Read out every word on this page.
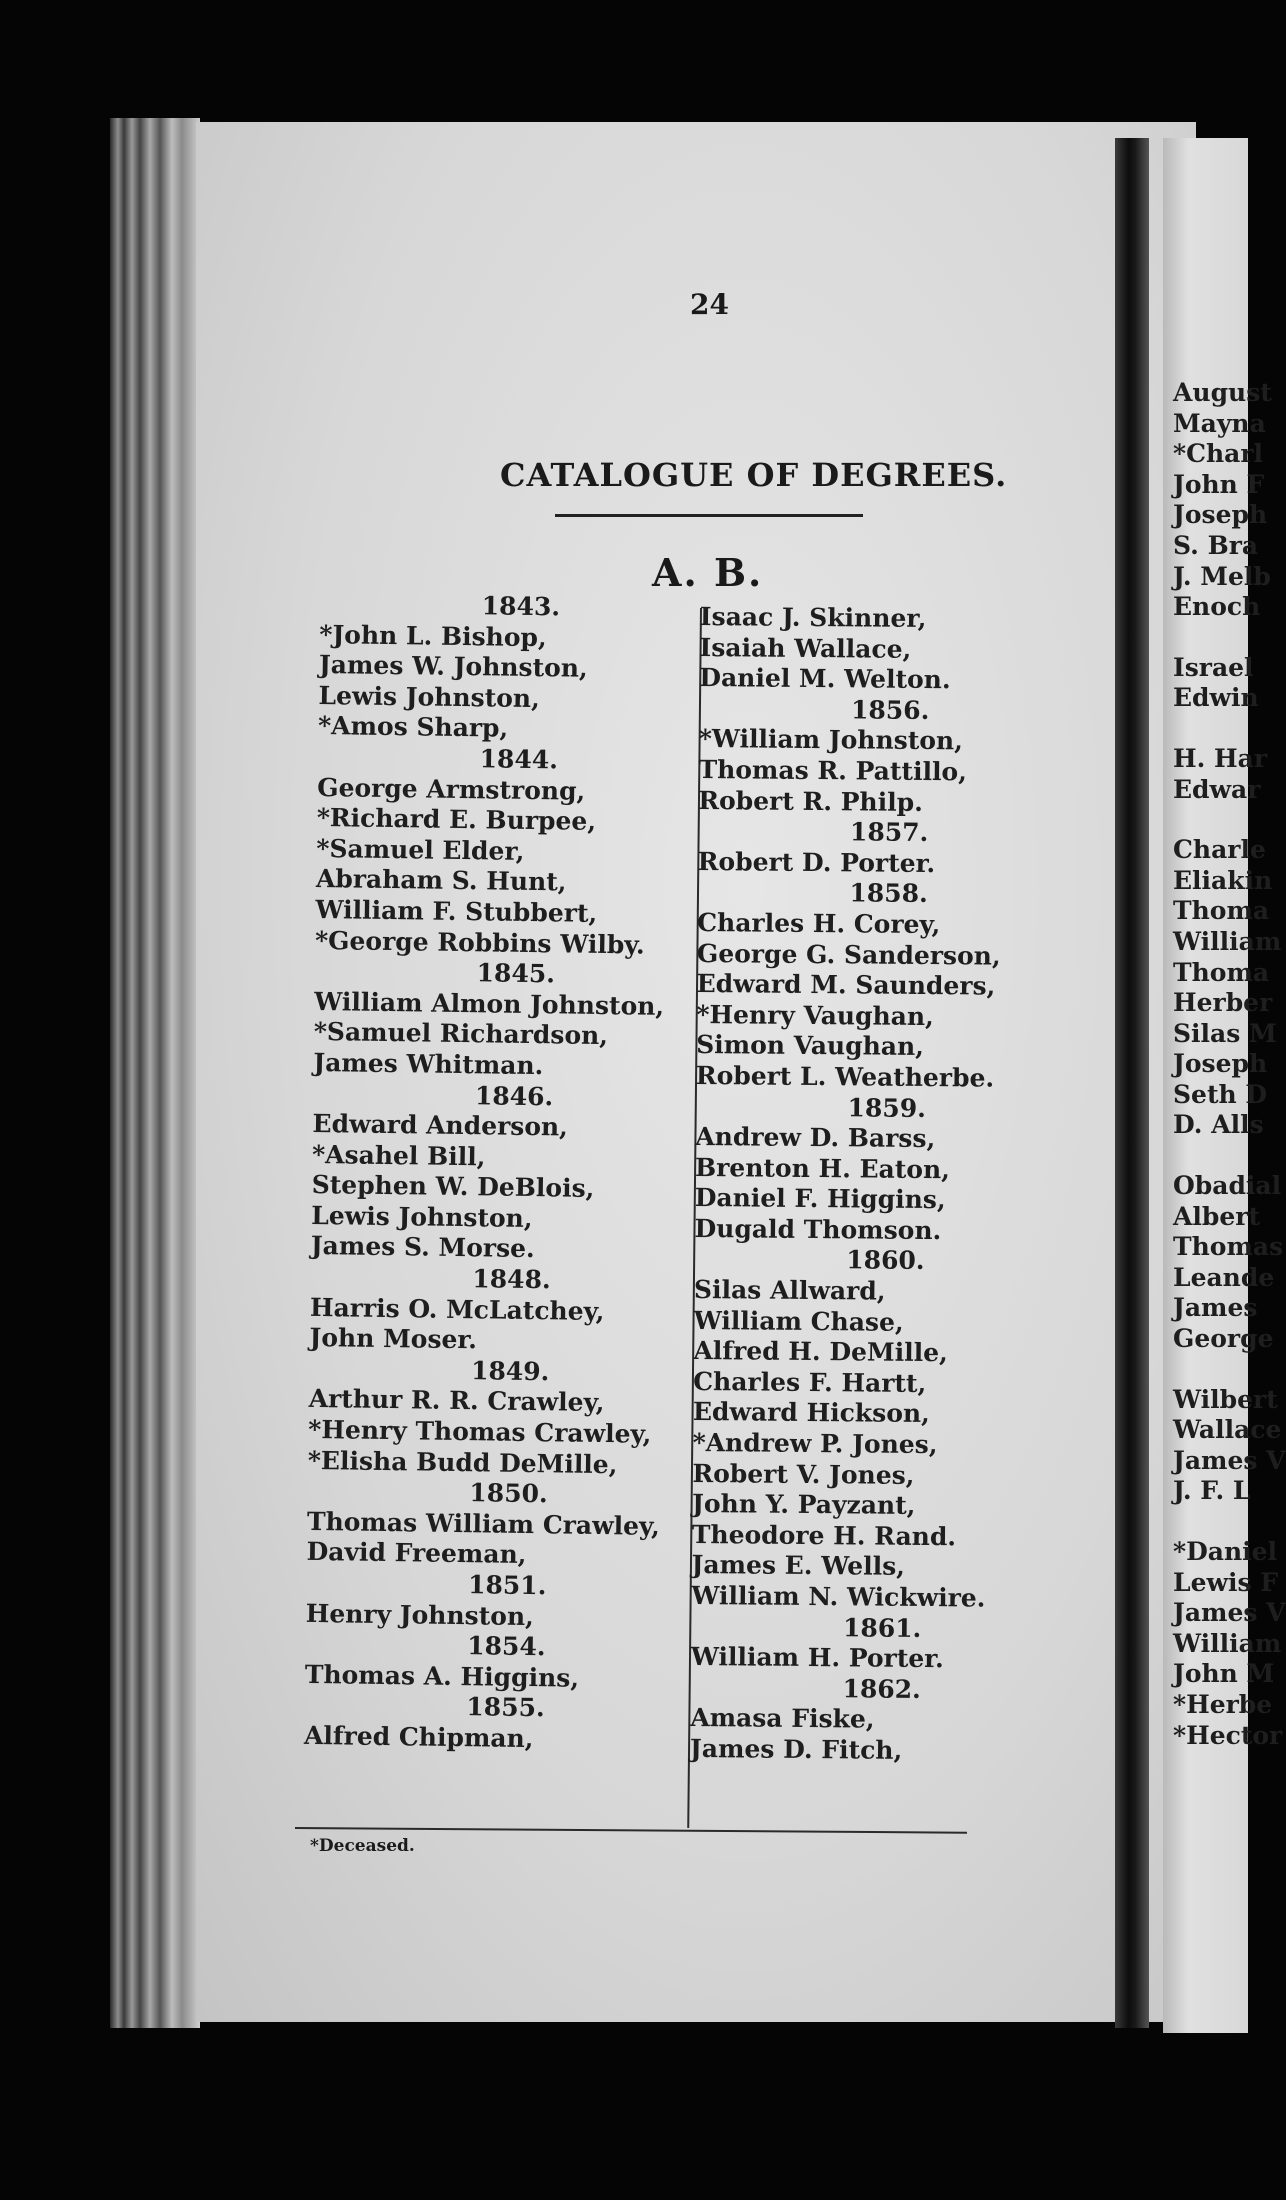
August
Mayna
*Charl
John F
Joseph
S. Bra
J. Melb
Enoch
Israel
Edwin
H. Har
Edwar
Charle
Eliakin
Thoma
William
Thoma
Herber
Silas M
Joseph
Seth D
D. Alls
Obadial
Albert
Thomas
Leande
James
George
Wilbert
Wallace
James V
J. F. L
*Daniel
Lewis F
James V
William
John M
*Herbe
*Hector
24
CATALOGUE OF DEGREES.
A. B.
1843.
*John L. Bishop,
James W. Johnston,
Lewis Johnston,
*Amos Sharp,
1844.
George Armstrong,
*Richard E. Burpee,
*Samuel Elder,
Abraham S. Hunt,
William F. Stubbert,
*George Robbins Wilby.
1845.
William Almon Johnston,
*Samuel Richardson,
James Whitman.
1846.
Edward Anderson,
*Asahel Bill,
Stephen W. DeBlois,
Lewis Johnston,
James S. Morse.
1848.
Harris O. McLatchey,
John Moser.
1849.
Arthur R. R. Crawley,
*Henry Thomas Crawley,
*Elisha Budd DeMille,
1850.
Thomas William Crawley,
David Freeman,
1851.
Henry Johnston,
1854.
Thomas A. Higgins,
1855.
Alfred Chipman,
Isaac J. Skinner,
Isaiah Wallace,
Daniel M. Welton.
1856.
*William Johnston,
Thomas R. Pattillo,
Robert R. Philp.
1857.
Robert D. Porter.
1858.
Charles H. Corey,
George G. Sanderson,
Edward M. Saunders,
*Henry Vaughan,
Simon Vaughan,
Robert L. Weatherbe.
1859.
Andrew D. Barss,
Brenton H. Eaton,
Daniel F. Higgins,
Dugald Thomson.
1860.
Silas Allward,
William Chase,
Alfred H. DeMille,
Charles F. Hartt,
Edward Hickson,
*Andrew P. Jones,
Robert V. Jones,
John Y. Payzant,
Theodore H. Rand.
James E. Wells,
William N. Wickwire.
1861.
William H. Porter.
1862.
Amasa Fiske,
James D. Fitch,
*Deceased.
